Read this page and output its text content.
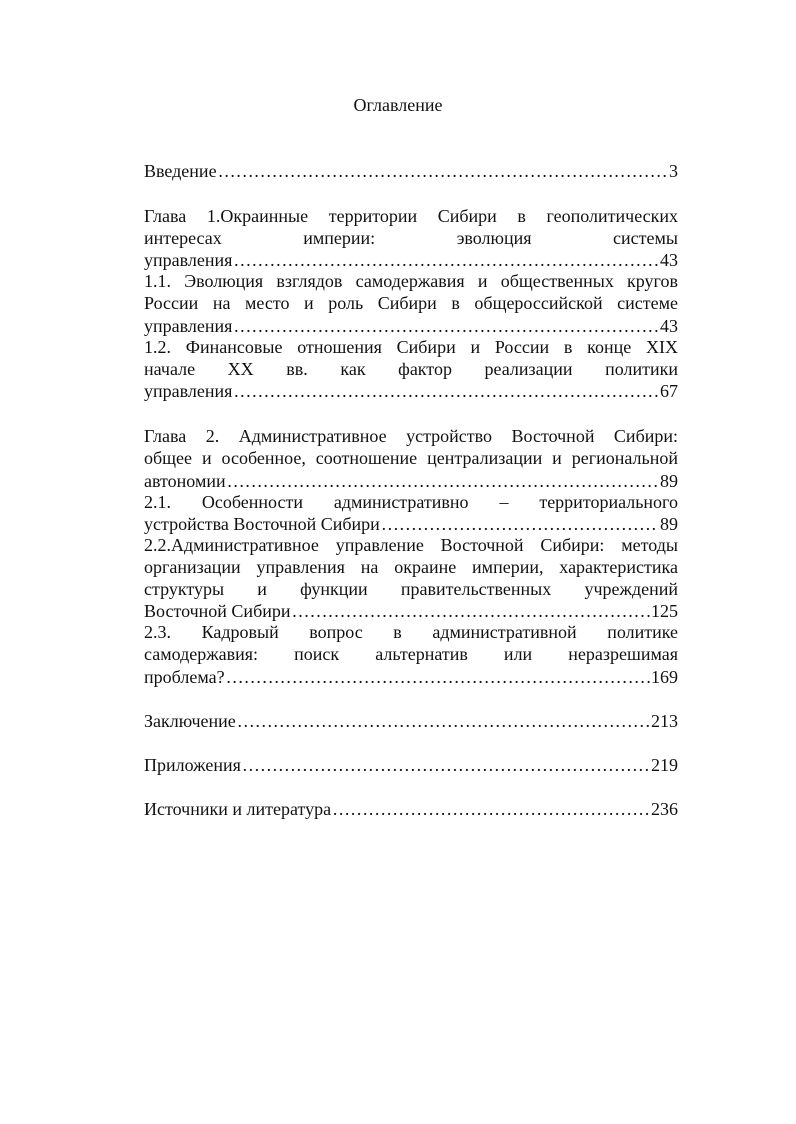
Оглавление
Введение ………………………………………………………………………………………………………………………………………………………………………………	3
Глава 1.Окраинные территории Сибири в геополитических
интересах империи: эволюция системы
управления ………………………………………………………………………………………………………………………………………………………………………………	43
1.1. Эволюция взглядов самодержавия и общественных кругов
России на место и роль Сибири в общероссийской системе
управления ………………………………………………………………………………………………………………………………………………………………………………	43
1.2. Финансовые отношения Сибири и России в конце XIX
начале XX вв. как фактор реализации политики
управления ………………………………………………………………………………………………………………………………………………………………………………	67
Глава 2. Административное устройство Восточной Сибири:
общее и особенное, соотношение централизации и региональной
автономии ………………………………………………………………………………………………………………………………………………………………………………	89
2.1. Особенности административно – территориального
устройства Восточной Сибири ………………………………………………………………………………………………………………………………………………………………………………	89
2.2.Административное управление Восточной Сибири: методы
организации управления на окраине империи, характеристика
структуры и функции правительственных учреждений
Восточной Сибири ………………………………………………………………………………………………………………………………………………………………………………	125
2.3. Кадровый вопрос в административной политике
самодержавия: поиск альтернатив или неразрешимая
проблема? ………………………………………………………………………………………………………………………………………………………………………………	169
Заключение ………………………………………………………………………………………………………………………………………………………………………………	213
Приложения ………………………………………………………………………………………………………………………………………………………………………………	219
Источники и литература ………………………………………………………………………………………………………………………………………………………………………………	236
